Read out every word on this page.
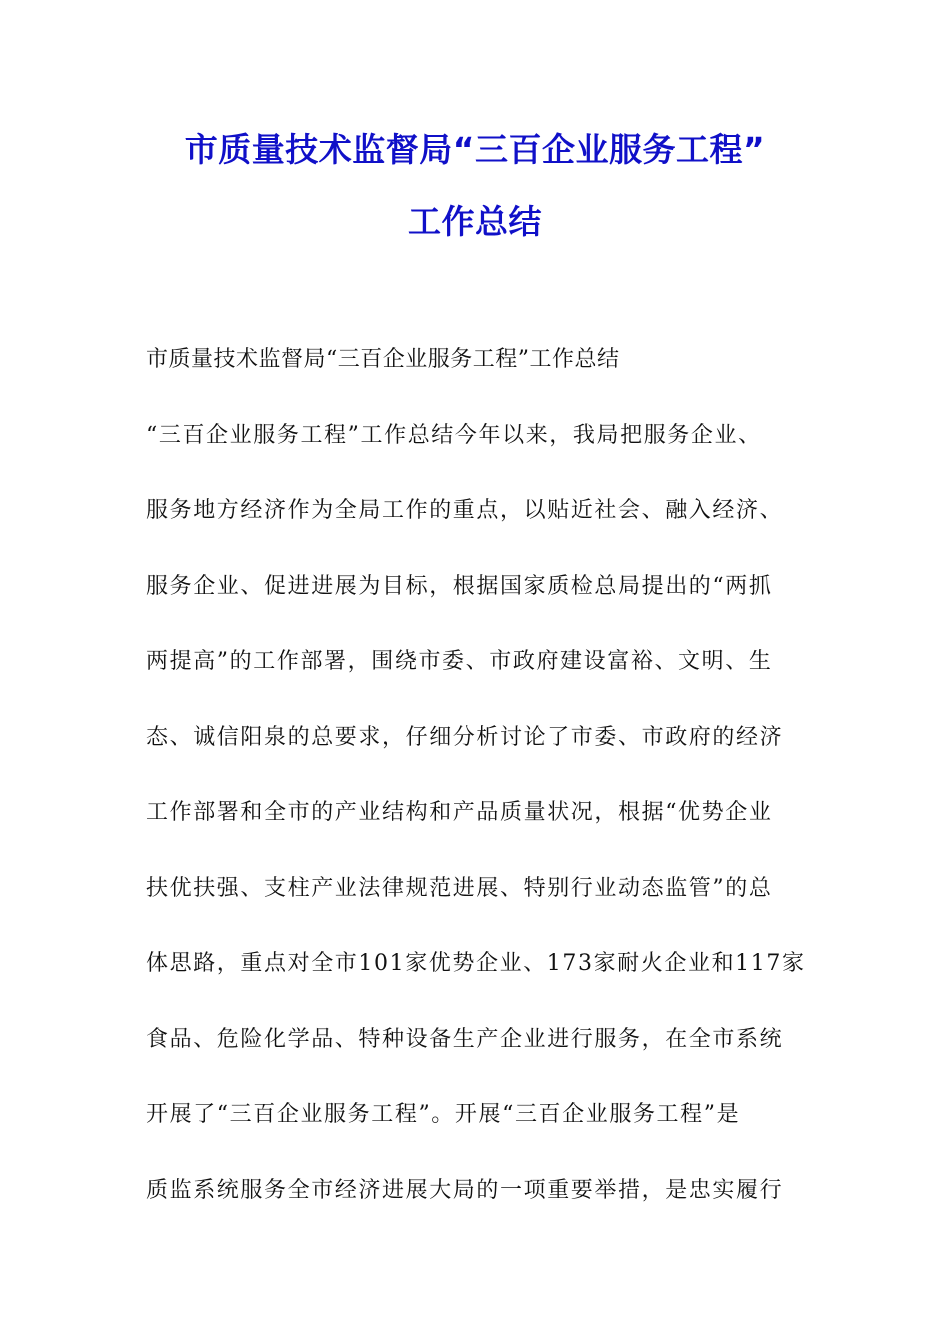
市质量技术监督局“三百企业服务工程”
工作总结
市质量技术监督局“三百企业服务工程”工作总结
“三百企业服务工程”工作总结今年以来，我局把服务企业、
服务地方经济作为全局工作的重点，以贴近社会、融入经济、
服务企业、促进进展为目标，根据国家质检总局提出的“两抓
两提高”的工作部署，围绕市委、市政府建设富裕、文明、生
态、诚信阳泉的总要求，仔细分析讨论了市委、市政府的经济
工作部署和全市的产业结构和产品质量状况，根据“优势企业
扶优扶强、支柱产业法律规范进展、特别行业动态监管”的总
体思路，重点对全市101家优势企业、173家耐火企业和117家
食品、危险化学品、特种设备生产企业进行服务，在全市系统
开展了“三百企业服务工程”。开展“三百企业服务工程”是
质监系统服务全市经济进展大局的一项重要举措，是忠实履行
